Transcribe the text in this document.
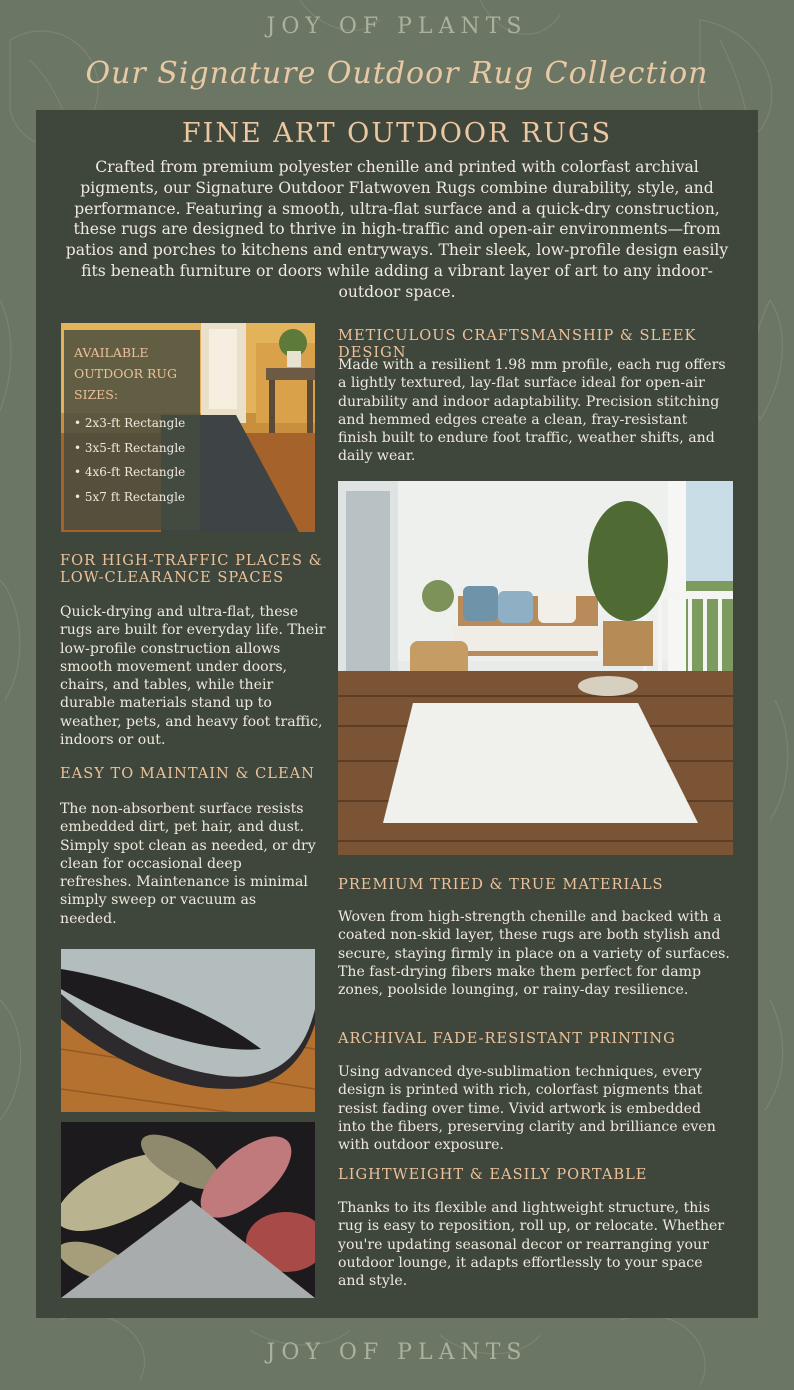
JOY OF PLANTS
Our Signature Outdoor Rug Collection
FINE ART OUTDOOR RUGS
Crafted from premium polyester chenille and printed with colorfast archival pigments, our Signature Outdoor Flatwoven Rugs combine durability, style, and performance. Featuring a smooth, ultra-flat surface and a quick-dry construction, these rugs are designed to thrive in high-traffic and open-air environments—from patios and porches to kitchens and entryways. Their sleek, low-profile design easily fits beneath furniture or doors while adding a vibrant layer of art to any indoor-outdoor space.
AVAILABLE OUTDOOR RUG SIZES:
• 2x3-ft Rectangle
• 3x5-ft Rectangle
• 4x6-ft Rectangle
• 5x7 ft Rectangle
METICULOUS CRAFTSMANSHIP & SLEEK DESIGN
Made with a resilient 1.98 mm profile, each rug offers a lightly textured, lay-flat surface ideal for open-air durability and indoor adaptability. Precision stitching and hemmed edges create a clean, fray-resistant finish built to endure foot traffic, weather shifts, and daily wear.
FOR HIGH-TRAFFIC PLACES & LOW-CLEARANCE SPACES
Quick-drying and ultra-flat, these rugs are built for everyday life. Their low-profile construction allows smooth movement under doors, chairs, and tables, while their durable materials stand up to weather, pets, and heavy foot traffic, indoors or out.
EASY TO MAINTAIN & CLEAN
The non-absorbent surface resists embedded dirt, pet hair, and dust. Simply spot clean as needed, or dry clean for occasional deep refreshes. Maintenance is minimal simply sweep or vacuum as needed.
PREMIUM TRIED & TRUE MATERIALS
Woven from high-strength chenille and backed with a coated non-skid layer, these rugs are both stylish and secure, staying firmly in place on a variety of surfaces. The fast-drying fibers make them perfect for damp zones, poolside lounging, or rainy-day resilience.
ARCHIVAL FADE-RESISTANT PRINTING
Using advanced dye-sublimation techniques, every design is printed with rich, colorfast pigments that resist fading over time. Vivid artwork is embedded into the fibers, preserving clarity and brilliance even with outdoor exposure.
LIGHTWEIGHT & EASILY PORTABLE
Thanks to its flexible and lightweight structure, this rug is easy to reposition, roll up, or relocate. Whether you're updating seasonal decor or rearranging your outdoor lounge, it adapts effortlessly to your space and style.
JOY OF PLANTS
